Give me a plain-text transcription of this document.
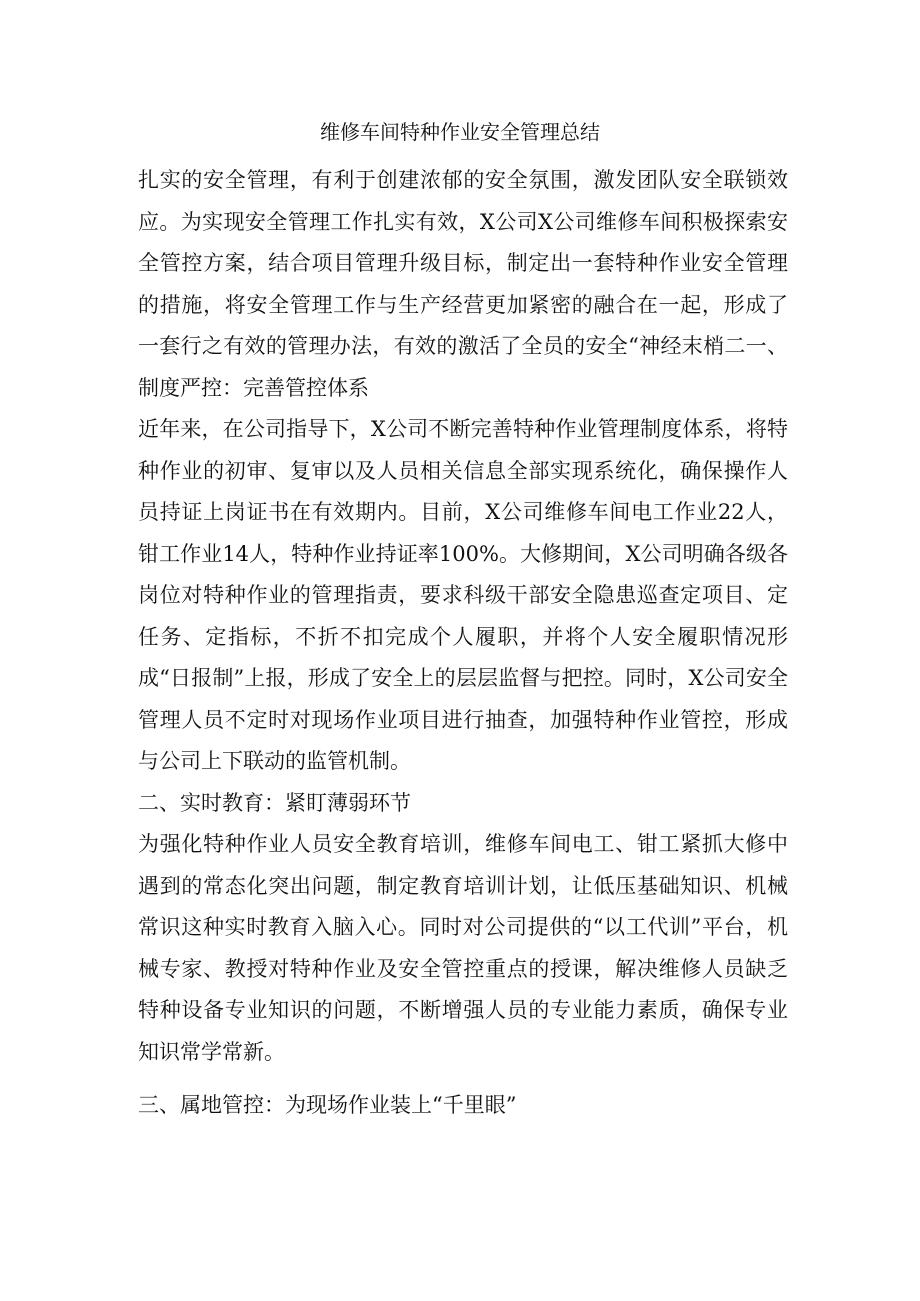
维修车间特种作业安全管理总结

扎实的安全管理，有利于创建浓郁的安全氛围，激发团队安全联锁效应。为实现安全管理工作扎实有效，X公司X公司维修车间积极探索安全管控方案，结合项目管理升级目标，制定出一套特种作业安全管理的措施，将安全管理工作与生产经营更加紧密的融合在一起，形成了一套行之有效的管理办法，有效的激活了全员的安全“神经末梢二一、制度严控：完善管控体系

近年来，在公司指导下，X公司不断完善特种作业管理制度体系，将特种作业的初审、复审以及人员相关信息全部实现系统化，确保操作人员持证上岗证书在有效期内。目前，X公司维修车间电工作业22人，钳工作业14人，特种作业持证率100%。大修期间，X公司明确各级各岗位对特种作业的管理指责，要求科级干部安全隐患巡查定项目、定任务、定指标，不折不扣完成个人履职，并将个人安全履职情况形成“日报制”上报，形成了安全上的层层监督与把控。同时，X公司安全管理人员不定时对现场作业项目进行抽查，加强特种作业管控，形成与公司上下联动的监管机制。

二、实时教育：紧盯薄弱环节

为强化特种作业人员安全教育培训，维修车间电工、钳工紧抓大修中遇到的常态化突出问题，制定教育培训计划，让低压基础知识、机械常识这种实时教育入脑入心。同时对公司提供的“以工代训”平台，机械专家、教授对特种作业及安全管控重点的授课，解决维修人员缺乏特种设备专业知识的问题，不断增强人员的专业能力素质，确保专业知识常学常新。

三、属地管控：为现场作业装上“千里眼”
